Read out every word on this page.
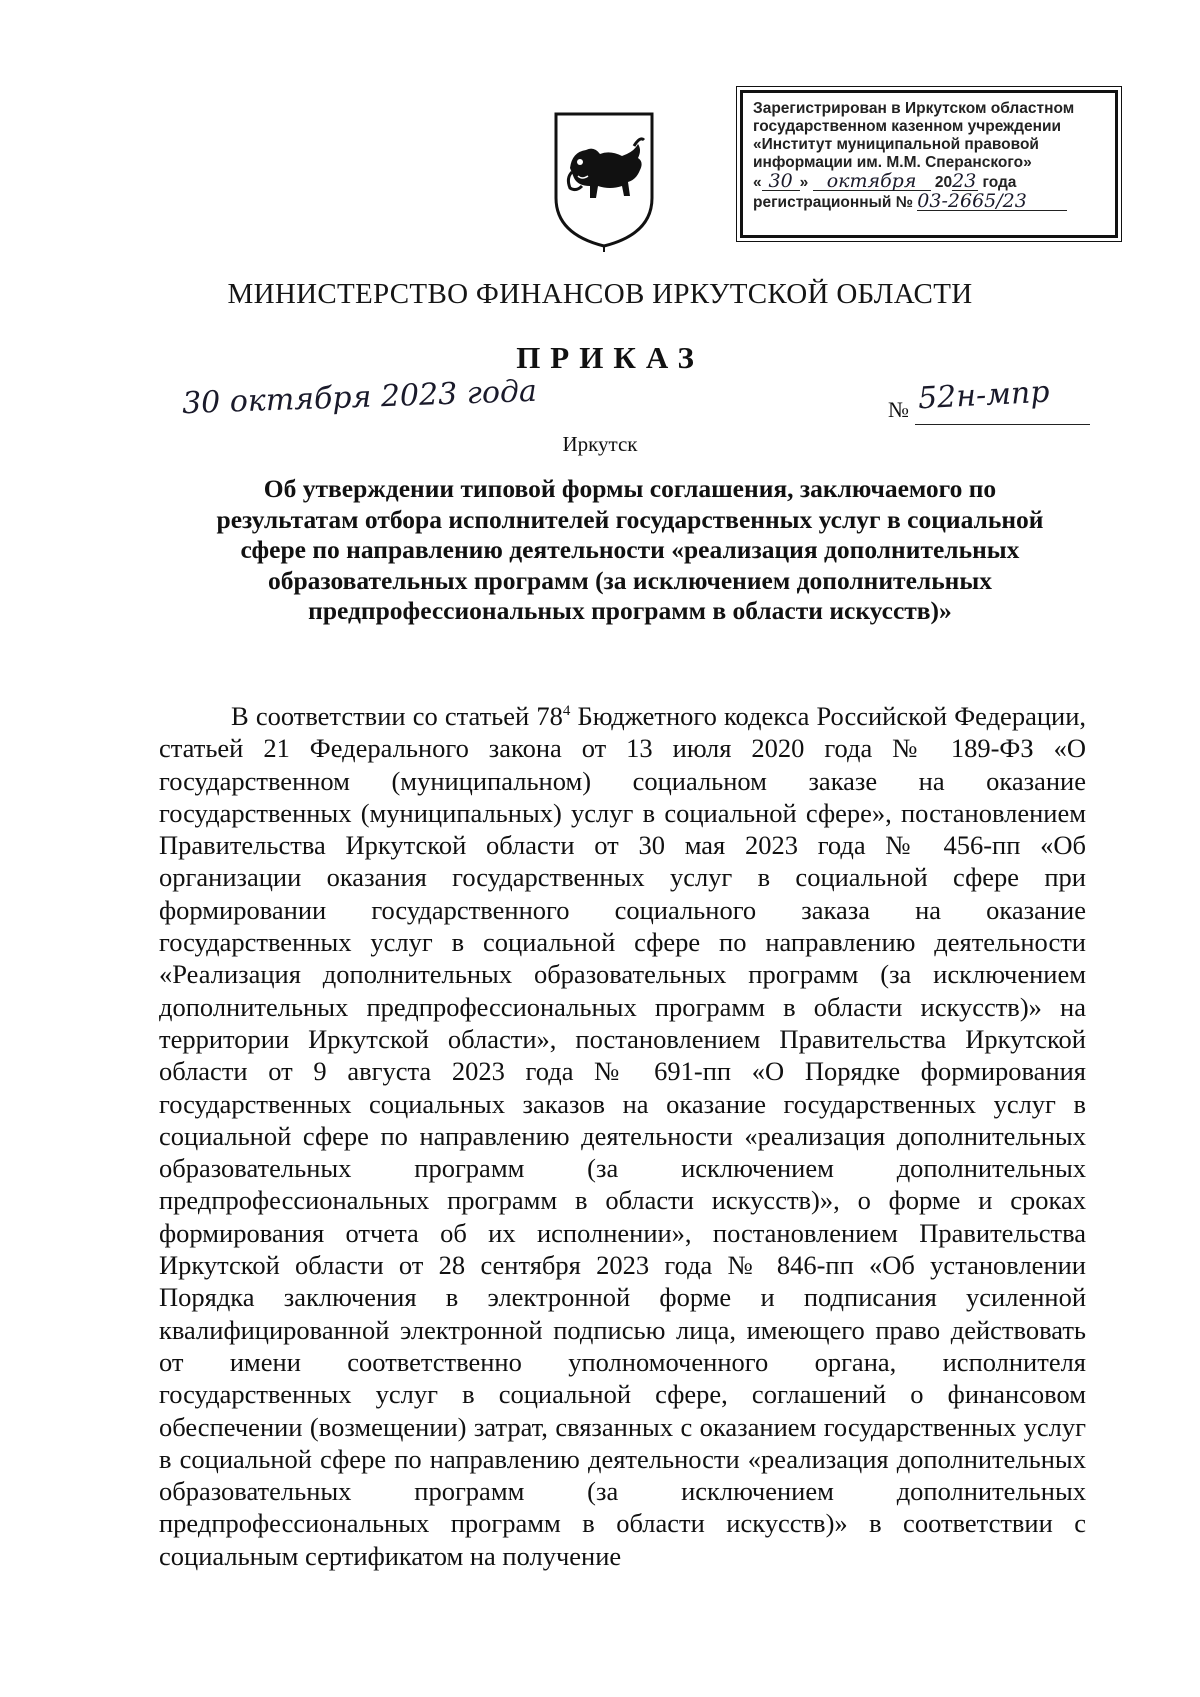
Зарегистрирован в Иркутском областном
государственном казенном учреждении
«Институт муниципальной правовой
информации им. М.М. Сперанского»
« 30 » октября 2023 года
регистрационный № 03-2665/23
МИНИСТЕРСТВО ФИНАНСОВ ИРКУТСКОЙ ОБЛАСТИ
ПРИКАЗ
30 октября 2023 года	№ 52н-мпр
Иркутск
Об утверждении типовой формы соглашения, заключаемого по результатам отбора исполнителей государственных услуг в социальной сфере по направлению деятельности «реализация дополнительных образовательных программ (за исключением дополнительных предпрофессиональных программ в области искусств)»
В соответствии со статьей $78^4$ Бюджетного кодекса Российской Федерации, статьей 21 Федерального закона от 13 июля 2020 года № 189-ФЗ «О государственном (муниципальном) социальном заказе на оказание государственных (муниципальных) услуг в социальной сфере», постановлением Правительства Иркутской области от 30 мая 2023 года № 456-пп «Об организации оказания государственных услуг в социальной сфере при формировании государственного социального заказа на оказание государственных услуг в социальной сфере по направлению деятельности «Реализация дополнительных образовательных программ (за исключением дополнительных предпрофессиональных программ в области искусств)» на территории Иркутской области», постановлением Правительства Иркутской области от 9 августа 2023 года № 691-пп «О Порядке формирования государственных социальных заказов на оказание государственных услуг в социальной сфере по направлению деятельности «реализация дополнительных образовательных программ (за исключением дополнительных предпрофессиональных программ в области искусств)», о форме и сроках формирования отчета об их исполнении», постановлением Правительства Иркутской области от 28 сентября 2023 года № 846-пп «Об установлении Порядка заключения в электронной форме и подписания усиленной квалифицированной электронной подписью лица, имеющего право действовать от имени соответственно уполномоченного органа, исполнителя государственных услуг в социальной сфере, соглашений о финансовом обеспечении (возмещении) затрат, связанных с оказанием государственных услуг в социальной сфере по направлению деятельности «реализация дополнительных образовательных программ (за исключением дополнительных предпрофессиональных программ в области искусств)» в соответствии с социальным сертификатом на получение
